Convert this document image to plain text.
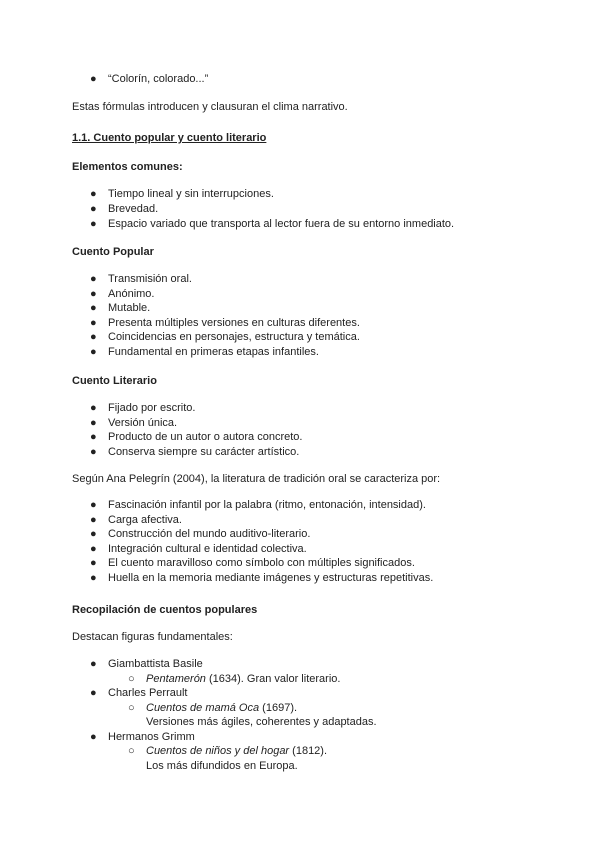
● “Colorín, colorado...”
Estas fórmulas introducen y clausuran el clima narrativo.
1.1. Cuento popular y cuento literario
Elementos comunes:
● Tiempo lineal y sin interrupciones.
● Brevedad.
● Espacio variado que transporta al lector fuera de su entorno inmediato.
Cuento Popular
● Transmisión oral.
● Anónimo.
● Mutable.
● Presenta múltiples versiones en culturas diferentes.
● Coincidencias en personajes, estructura y temática.
● Fundamental en primeras etapas infantiles.
Cuento Literario
● Fijado por escrito.
● Versión única.
● Producto de un autor o autora concreto.
● Conserva siempre su carácter artístico.
Según Ana Pelegrín (2004), la literatura de tradición oral se caracteriza por:
● Fascinación infantil por la palabra (ritmo, entonación, intensidad).
● Carga afectiva.
● Construcción del mundo auditivo-literario.
● Integración cultural e identidad colectiva.
● El cuento maravilloso como símbolo con múltiples significados.
● Huella en la memoria mediante imágenes y estructuras repetitivas.
Recopilación de cuentos populares
Destacan figuras fundamentales:
● Giambattista Basile
○ Pentamerón (1634). Gran valor literario.
● Charles Perrault
○ Cuentos de mamá Oca (1697).
Versiones más ágiles, coherentes y adaptadas.
● Hermanos Grimm
○ Cuentos de niños y del hogar (1812).
Los más difundidos en Europa.
